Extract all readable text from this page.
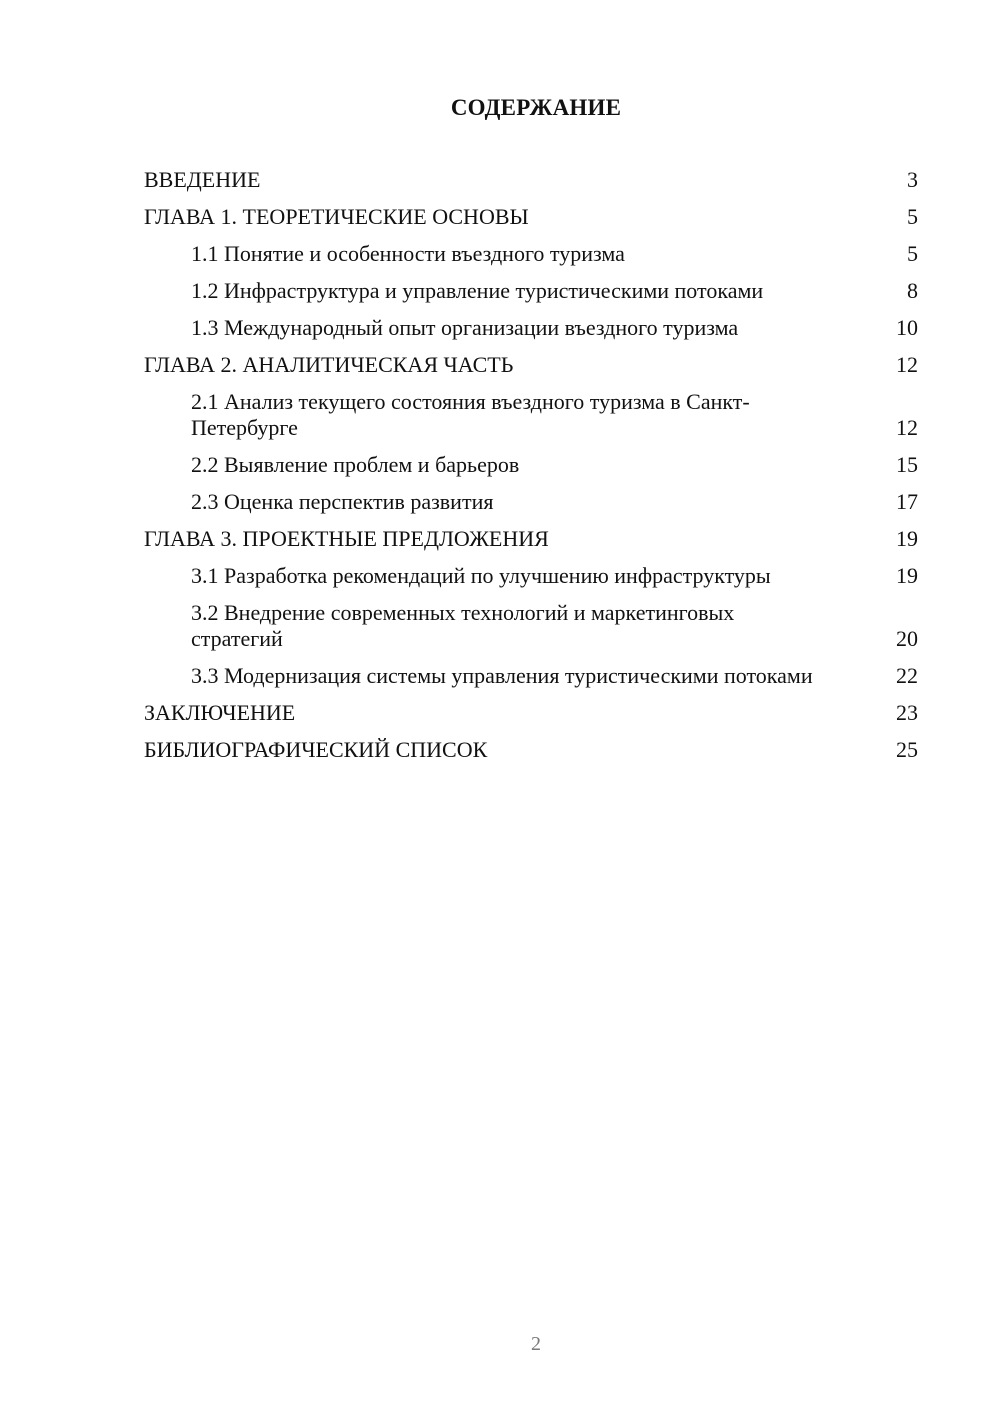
СОДЕРЖАНИЕ
ВВЕДЕНИЕ	3
ГЛАВА 1. ТЕОРЕТИЧЕСКИЕ ОСНОВЫ	5
1.1 Понятие и особенности въездного туризма	5
1.2 Инфраструктура и управление туристическими потоками	8
1.3 Международный опыт организации въездного туризма	10
ГЛАВА 2. АНАЛИТИЧЕСКАЯ ЧАСТЬ	12
2.1 Анализ текущего состояния въездного туризма в Санкт-Петербурге	12
2.2 Выявление проблем и барьеров	15
2.3 Оценка перспектив развития	17
ГЛАВА 3. ПРОЕКТНЫЕ ПРЕДЛОЖЕНИЯ	19
3.1 Разработка рекомендаций по улучшению инфраструктуры	19
3.2 Внедрение современных технологий и маркетинговых стратегий	20
3.3 Модернизация системы управления туристическими потоками	22
ЗАКЛЮЧЕНИЕ	23
БИБЛИОГРАФИЧЕСКИЙ СПИСОК	25
2
